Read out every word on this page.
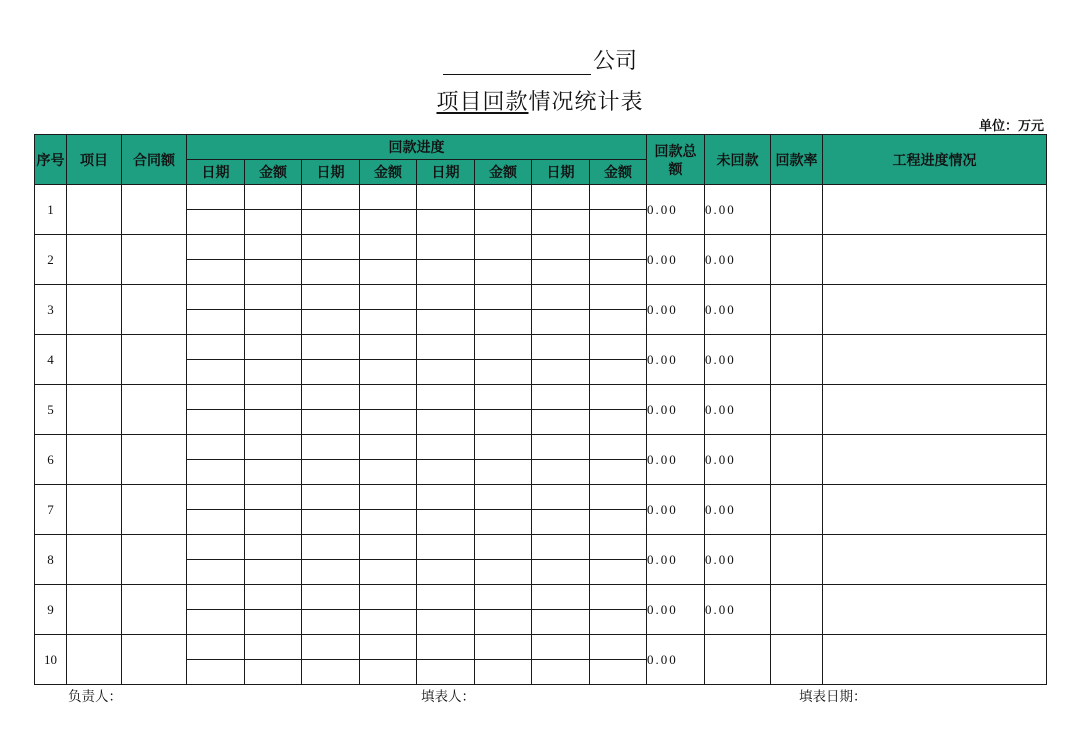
公司
项目回款情况统计表
单位：万元
序号	项目	合同额	回款进度								回款总额	未回款	回款率	工程进度情况
			日期	金额	日期	金额	日期	金额	日期	金额				
1											0.00	0.00		

2											0.00	0.00		

3											0.00	0.00		

4											0.00	0.00		

5											0.00	0.00		

6											0.00	0.00		

7											0.00	0.00		

8											0.00	0.00		

9											0.00	0.00		

10											0.00			

负责人：	填表人：	填表日期：
